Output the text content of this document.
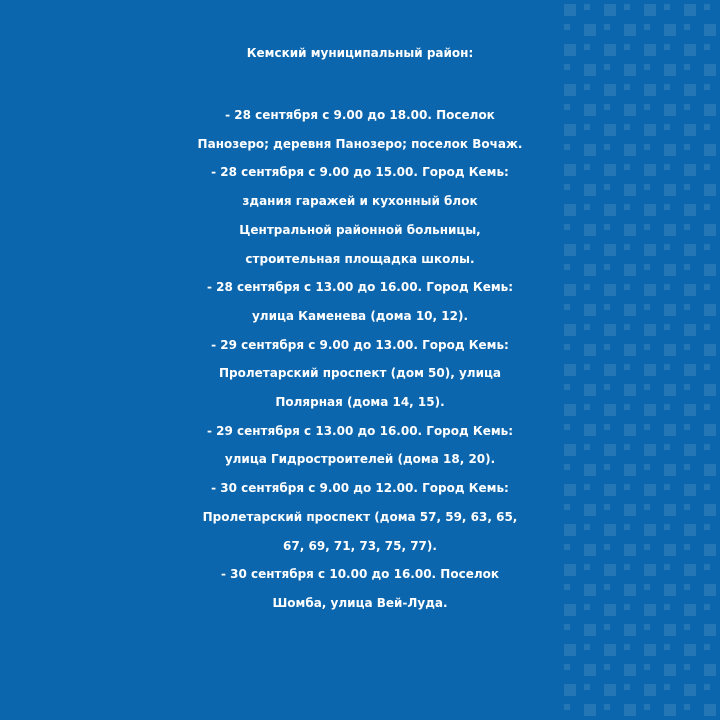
Кемский муниципальный район:

- 28 сентября с 9.00 до 18.00. Поселок

Панозеро; деревня Панозеро; поселок Вочаж.

- 28 сентября с 9.00 до 15.00. Город Кемь:

здания гаражей и кухонный блок

Центральной районной больницы,

строительная площадка школы.

- 28 сентября с 13.00 до 16.00. Город Кемь:

улица Каменева (дома 10, 12).

- 29 сентября с 9.00 до 13.00. Город Кемь:

Пролетарский проспект (дом 50), улица

Полярная (дома 14, 15).

- 29 сентября с 13.00 до 16.00. Город Кемь:

улица Гидростроителей (дома 18, 20).

- 30 сентября с 9.00 до 12.00. Город Кемь:

Пролетарский проспект (дома 57, 59, 63, 65,

67, 69, 71, 73, 75, 77).

- 30 сентября с 10.00 до 16.00. Поселок

Шомба, улица Вей-Луда.
